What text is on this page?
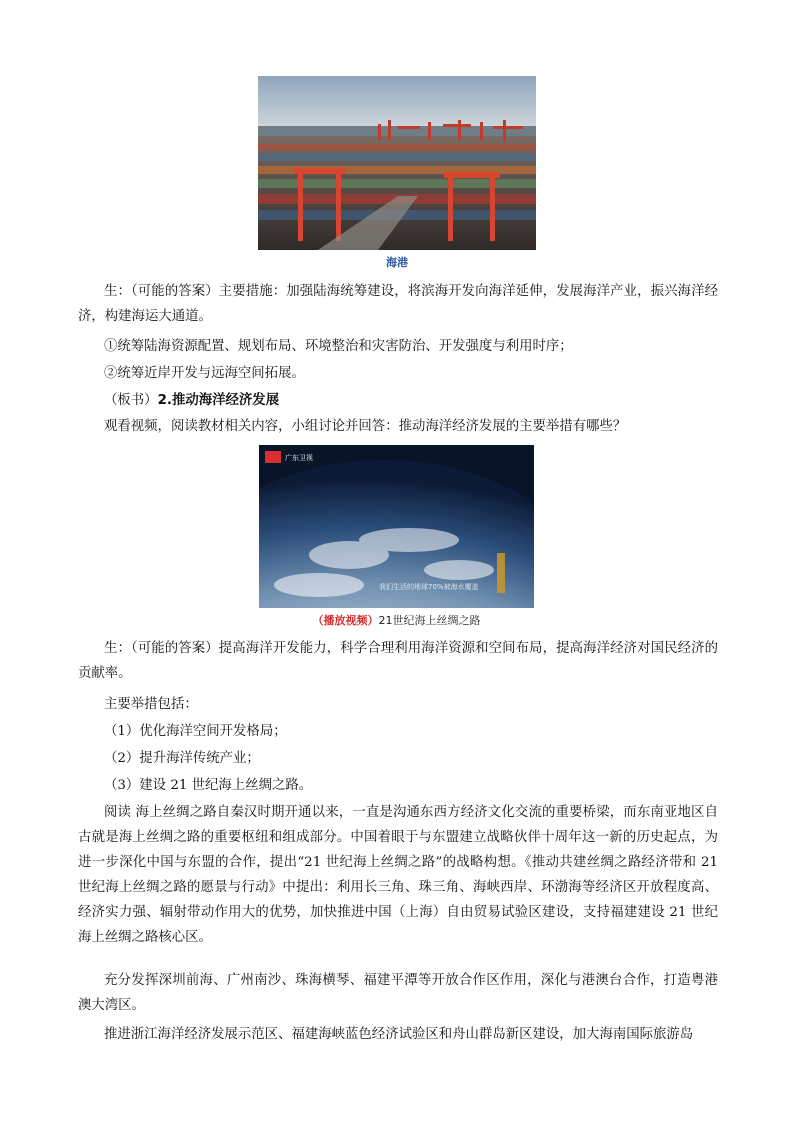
海港
生：（可能的答案）主要措施：加强陆海统筹建设，将滨海开发向海洋延伸，发展海洋产业，振兴海洋经济，构建海运大通道。
①统筹陆海资源配置、规划布局、环境整治和灾害防治、开发强度与利用时序；
②统筹近岸开发与远海空间拓展。
（板书）2.推动海洋经济发展
观看视频，阅读教材相关内容，小组讨论并回答：推动海洋经济发展的主要举措有哪些？
广东卫视
我们生活的地球70%被海水覆盖
（播放视频）21世纪海上丝绸之路
生：（可能的答案）提高海洋开发能力，科学合理利用海洋资源和空间布局，提高海洋经济对国民经济的贡献率。
主要举措包括：
（1）优化海洋空间开发格局；
（2）提升海洋传统产业；
（3）建设 21 世纪海上丝绸之路。
阅读 海上丝绸之路自秦汉时期开通以来，一直是沟通东西方经济文化交流的重要桥梁，而东南亚地区自古就是海上丝绸之路的重要枢纽和组成部分。中国着眼于与东盟建立战略伙伴十周年这一新的历史起点，为进一步深化中国与东盟的合作，提出“21 世纪海上丝绸之路”的战略构想。《推动共建丝绸之路经济带和 21 世纪海上丝绸之路的愿景与行动》中提出：利用长三角、珠三角、海峡西岸、环渤海等经济区开放程度高、经济实力强、辐射带动作用大的优势，加快推进中国（上海）自由贸易试验区建设，支持福建建设 21 世纪海上丝绸之路核心区。
充分发挥深圳前海、广州南沙、珠海横琴、福建平潭等开放合作区作用，深化与港澳台合作，打造粤港澳大湾区。
推进浙江海洋经济发展示范区、福建海峡蓝色经济试验区和舟山群岛新区建设，加大海南国际旅游岛
